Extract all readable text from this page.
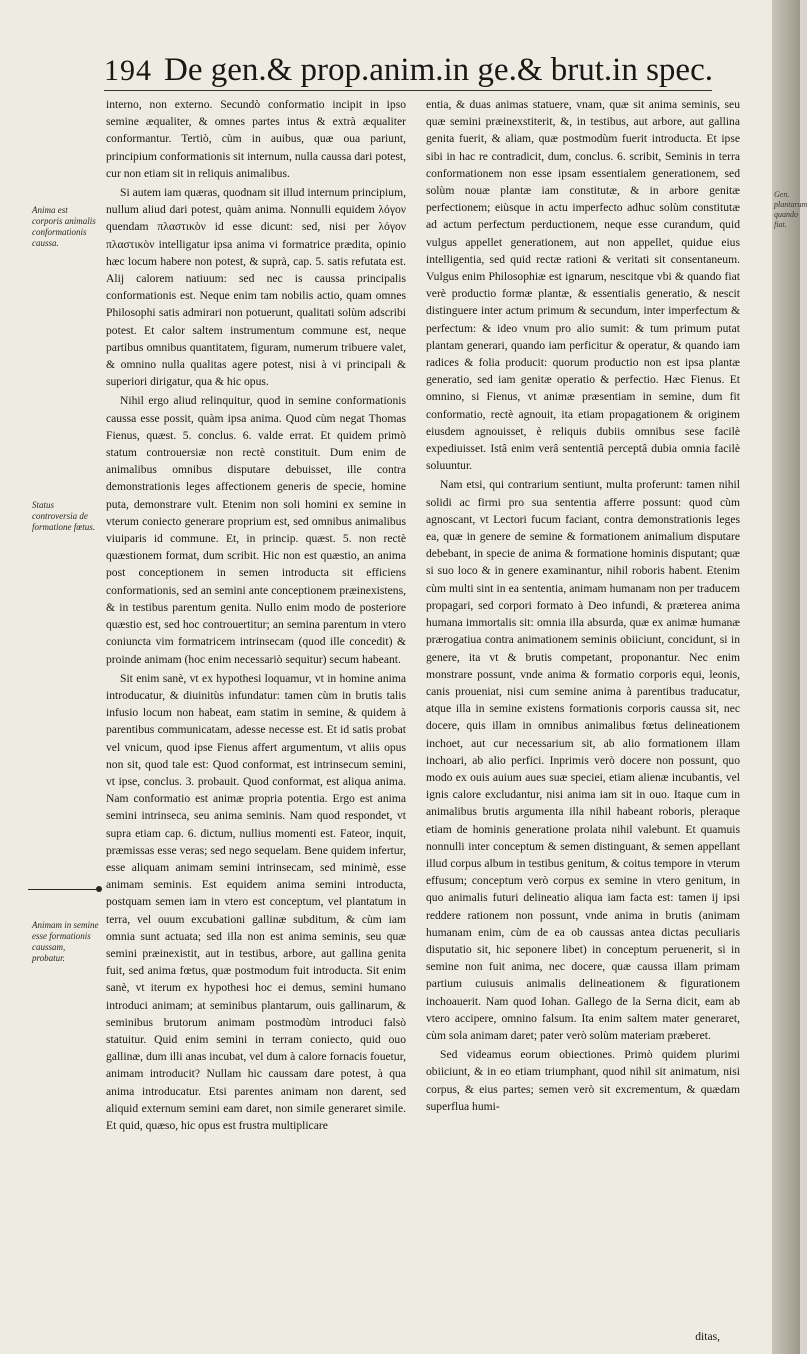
194 De gen.& prop.anim.in ge.& brut.in spec.
Anima est corporis animalis conformationis caussa.
Status controversia de formatione fœtus.
Animam in semine esse formationis caussam, probatur.

interno, non externo. Secundò conformatio incipit in ipso semine æqualiter, & omnes partes intus & extrà æqualiter conformantur. Tertiò, cùm in auibus, quæ oua pariunt, principium conformationis sit internum, nulla caussa dari potest, cur non etiam sit in reliquis animalibus.

Si autem iam quæras, quodnam sit illud internum principium, nullum aliud dari potest, quàm anima. Nonnulli equidem λόγον quendam πλαστικὸν id esse dicunt: sed, nisi per λόγον πλαστικὸν intelligatur ipsa anima vi formatrice prædita, opinio hæc locum habere non potest, & suprà, cap. 5. satis refutata est. Alij calorem natiuum: sed nec is caussa principalis conformationis est. Neque enim tam nobilis actio, quam omnes Philosophi satis admirari non potuerunt, qualitati solùm adscribi potest. Et calor saltem instrumentum commune est, neque partibus omnibus quantitatem, figuram, numerum tribuere valet, & omnino nulla qualitas agere potest, nisi à vi principali & superiori dirigatur, qua & hic opus.

Nihil ergo aliud relinquitur, quod in semine conformationis caussa esse possit, quàm ipsa anima. Quod cùm negat Thomas Fienus, quæst. 5. conclus. 6. valde errat. Et quidem primò statum controuersiæ non rectè constituit. Dum enim de animalibus omnibus disputare debuisset, ille contra demonstrationis leges affectionem generis de specie, homine puta, demonstrare vult. Etenim non soli homini ex semine in vterum coniecto generare proprium est, sed omnibus animalibus viuiparis id commune. Et, in princip. quæst. 5. non rectè quæstionem format, dum scribit. Hic non est quæstio, an anima post conceptionem in semen introducta sit efficiens conformationis, sed an semini ante conceptionem præinexistens, & in testibus parentum genita. Nullo enim modo de posteriore quæstio est, sed hoc controuertitur; an semina parentum in vtero coniuncta vim formatricem intrinsecam (quod ille concedit) & proinde animam (hoc enim necessariò sequitur) secum habeant.

Sit enim sanè, vt ex hypothesi loquamur, vt in homine anima introducatur, & diuinitùs infundatur: tamen cùm in brutis talis infusio locum non habeat, eam statim in semine, & quidem à parentibus communicatam, adesse necesse est. Et id satis probat vel vnicum, quod ipse Fienus affert argumentum, vt aliis opus non sit, quod tale est: Quod conformat, est intrinsecum semini, vt ipse, conclus. 3. probauit. Quod conformat, est aliqua anima. Nam conformatio est animæ propria potentia. Ergo est anima semini intrinseca, seu anima seminis. Nam quod respondet, vt supra etiam cap. 6. dictum, nullius momenti est. Fateor, inquit, præmissas esse veras; sed nego sequelam. Bene quidem infertur, esse aliquam animam semini intrinsecam, sed minimè, esse animam seminis. Est equidem anima semini introducta, postquam semen iam in vtero est conceptum, vel plantatum in terra, vel ouum excubationi gallinæ subditum, & cùm iam omnia sunt actuata; sed illa non est anima seminis, seu quæ semini præinexistit, aut in testibus, arbore, aut gallina genita fuit, sed anima fœtus, quæ postmodum fuit introducta. Sit enim sanè, vt iterum ex hypothesi hoc ei demus, semini humano introduci animam; at seminibus plantarum, ouis gallinarum, & seminibus brutorum animam postmodùm introduci falsò statuitur. Quid enim semini in terram coniecto, quid ouo gallinæ, dum illi anas incubat, vel dum à calore fornacis fouetur, animam introducit? Nullam hic caussam dare potest, à qua anima introducatur. Etsi parentes animam non darent, sed aliquid externum semini eam daret, non simile generaret simile. Et quid, quæso, hic opus est frustra multiplicare

entia, & duas animas statuere, vnam, quæ sit anima seminis, seu quæ semini præinexstiterit, &, in testibus, aut arbore, aut gallina genita fuerit, & aliam, quæ postmodùm fuerit introducta. Et ipse sibi in hac re contradicit, dum, conclus. 6. scribit, Seminis in terra conformationem non esse ipsam essentialem generationem, sed solùm nouæ plantæ iam constitutæ, & in arbore genitæ perfectionem; eiùsque in actu imperfecto adhuc solùm constitutæ ad actum perfectum perductionem, neque esse curandum, quid vulgus appellet generationem, aut non appellet, quidue eius intelligentia, sed quid rectæ rationi & veritati sit consentaneum. Vulgus enim Philosophiæ est ignarum, nescitque vbi & quando fiat verè productio formæ plantæ, & essentialis generatio, & nescit distinguere inter actum primum & secundum, inter imperfectum & perfectum: & ideo vnum pro alio sumit: & tum primum putat plantam generari, quando iam perficitur & operatur, & quando iam radices & folia producit: quorum productio non est ipsa plantæ generatio, sed iam genitæ operatio & perfectio. Hæc Fienus. Et omnino, si Fienus, vt animæ præsentiam in semine, dum fit conformatio, rectè agnouit, ita etiam propagationem & originem eiusdem agnouisset, è reliquis dubiis omnibus sese facilè expediuisset. Istâ enim verâ sententiâ perceptâ dubia omnia facilè soluuntur.

Nam etsi, qui contrarium sentiunt, multa proferunt: tamen nihil solidi ac firmi pro sua sententia afferre possunt: quod cùm agnoscant, vt Lectori fucum faciant, contra demonstrationis leges ea, quæ in genere de semine & formationem animalium disputare debebant, in specie de anima & formatione hominis disputant; quæ si suo loco & in genere examinantur, nihil roboris habent. Etenim cùm multi sint in ea sententia, animam humanam non per traducem propagari, sed corpori formato à Deo infundi, & præterea anima humana immortalis sit: omnia illa absurda, quæ ex animæ humanæ prærogatiua contra animationem seminis obiiciunt, concidunt, si in genere, ita vt & brutis competant, proponantur. Nec enim monstrare possunt, vnde anima & formatio corporis equi, leonis, canis proueniat, nisi cum semine anima à parentibus traducatur, atque illa in semine existens formationis corporis caussa sit, nec docere, quis illam in omnibus animalibus fœtus delineationem inchoet, aut cur necessarium sit, ab alio formationem illam inchoari, ab alio perfici. Inprimis verò docere non possunt, quo modo ex ouis auium aues suæ speciei, etiam alienæ incubantis, vel ignis calore excludantur, nisi anima iam sit in ouo. Itaque cum in animalibus brutis argumenta illa nihil habeant roboris, pleraque etiam de hominis generatione prolata nihil valebunt. Et quamuis nonnulli inter conceptum & semen distinguant, & semen appellant illud corpus album in testibus genitum, & coitus tempore in vterum effusum; conceptum verò corpus ex semine in vtero genitum, in quo animalis futuri delineatio aliqua iam facta est: tamen ij ipsi reddere rationem non possunt, vnde anima in brutis (animam humanam enim, cùm de ea ob caussas antea dictas peculiaris disputatio sit, hic seponere libet) in conceptum peruenerit, si in semine non fuit anima, nec docere, quæ caussa illam primam partium cuiusuis animalis delineationem & figurationem inchoauerit. Nam quod Iohan. Gallego de la Serna dicit, eam ab vtero accipere, omnino falsum. Ita enim saltem mater generaret, cùm sola animam daret; pater verò solùm materiam præberet.

Sed videamus eorum obiectiones. Primò quidem plurimi obiiciunt, & in eo etiam triumphant, quod nihil sit animatum, nisi corpus, & eius partes; semen verò sit excrementum, & quædam superflua humi-

ditas,
Gen. plantarum quando fiat.
